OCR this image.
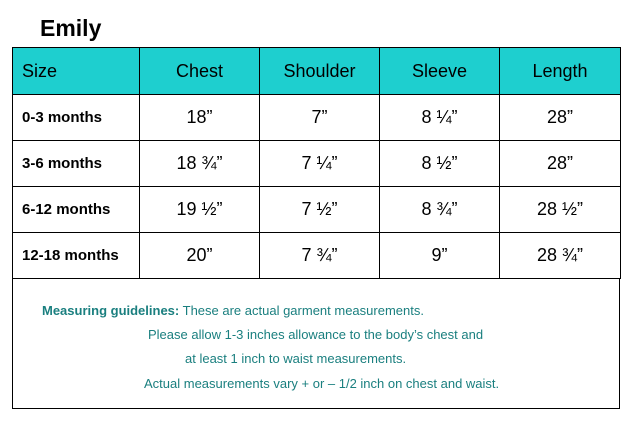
Emily
Size	Chest	Shoulder	Sleeve	Length
0-3 months	18”	7”	8 ¼”	28”
3-6 months	18 ¾”	7 ¼”	8 ½”	28”
6-12 months	19 ½”	7 ½”	8 ¾”	28 ½”
12-18 months	20”	7 ¾”	9”	28 ¾”
Measuring guidelines: These are actual garment measurements.
Please allow 1-3 inches allowance to the body’s chest and
at least 1 inch to waist measurements.
Actual measurements vary + or – 1/2 inch on chest and waist.
